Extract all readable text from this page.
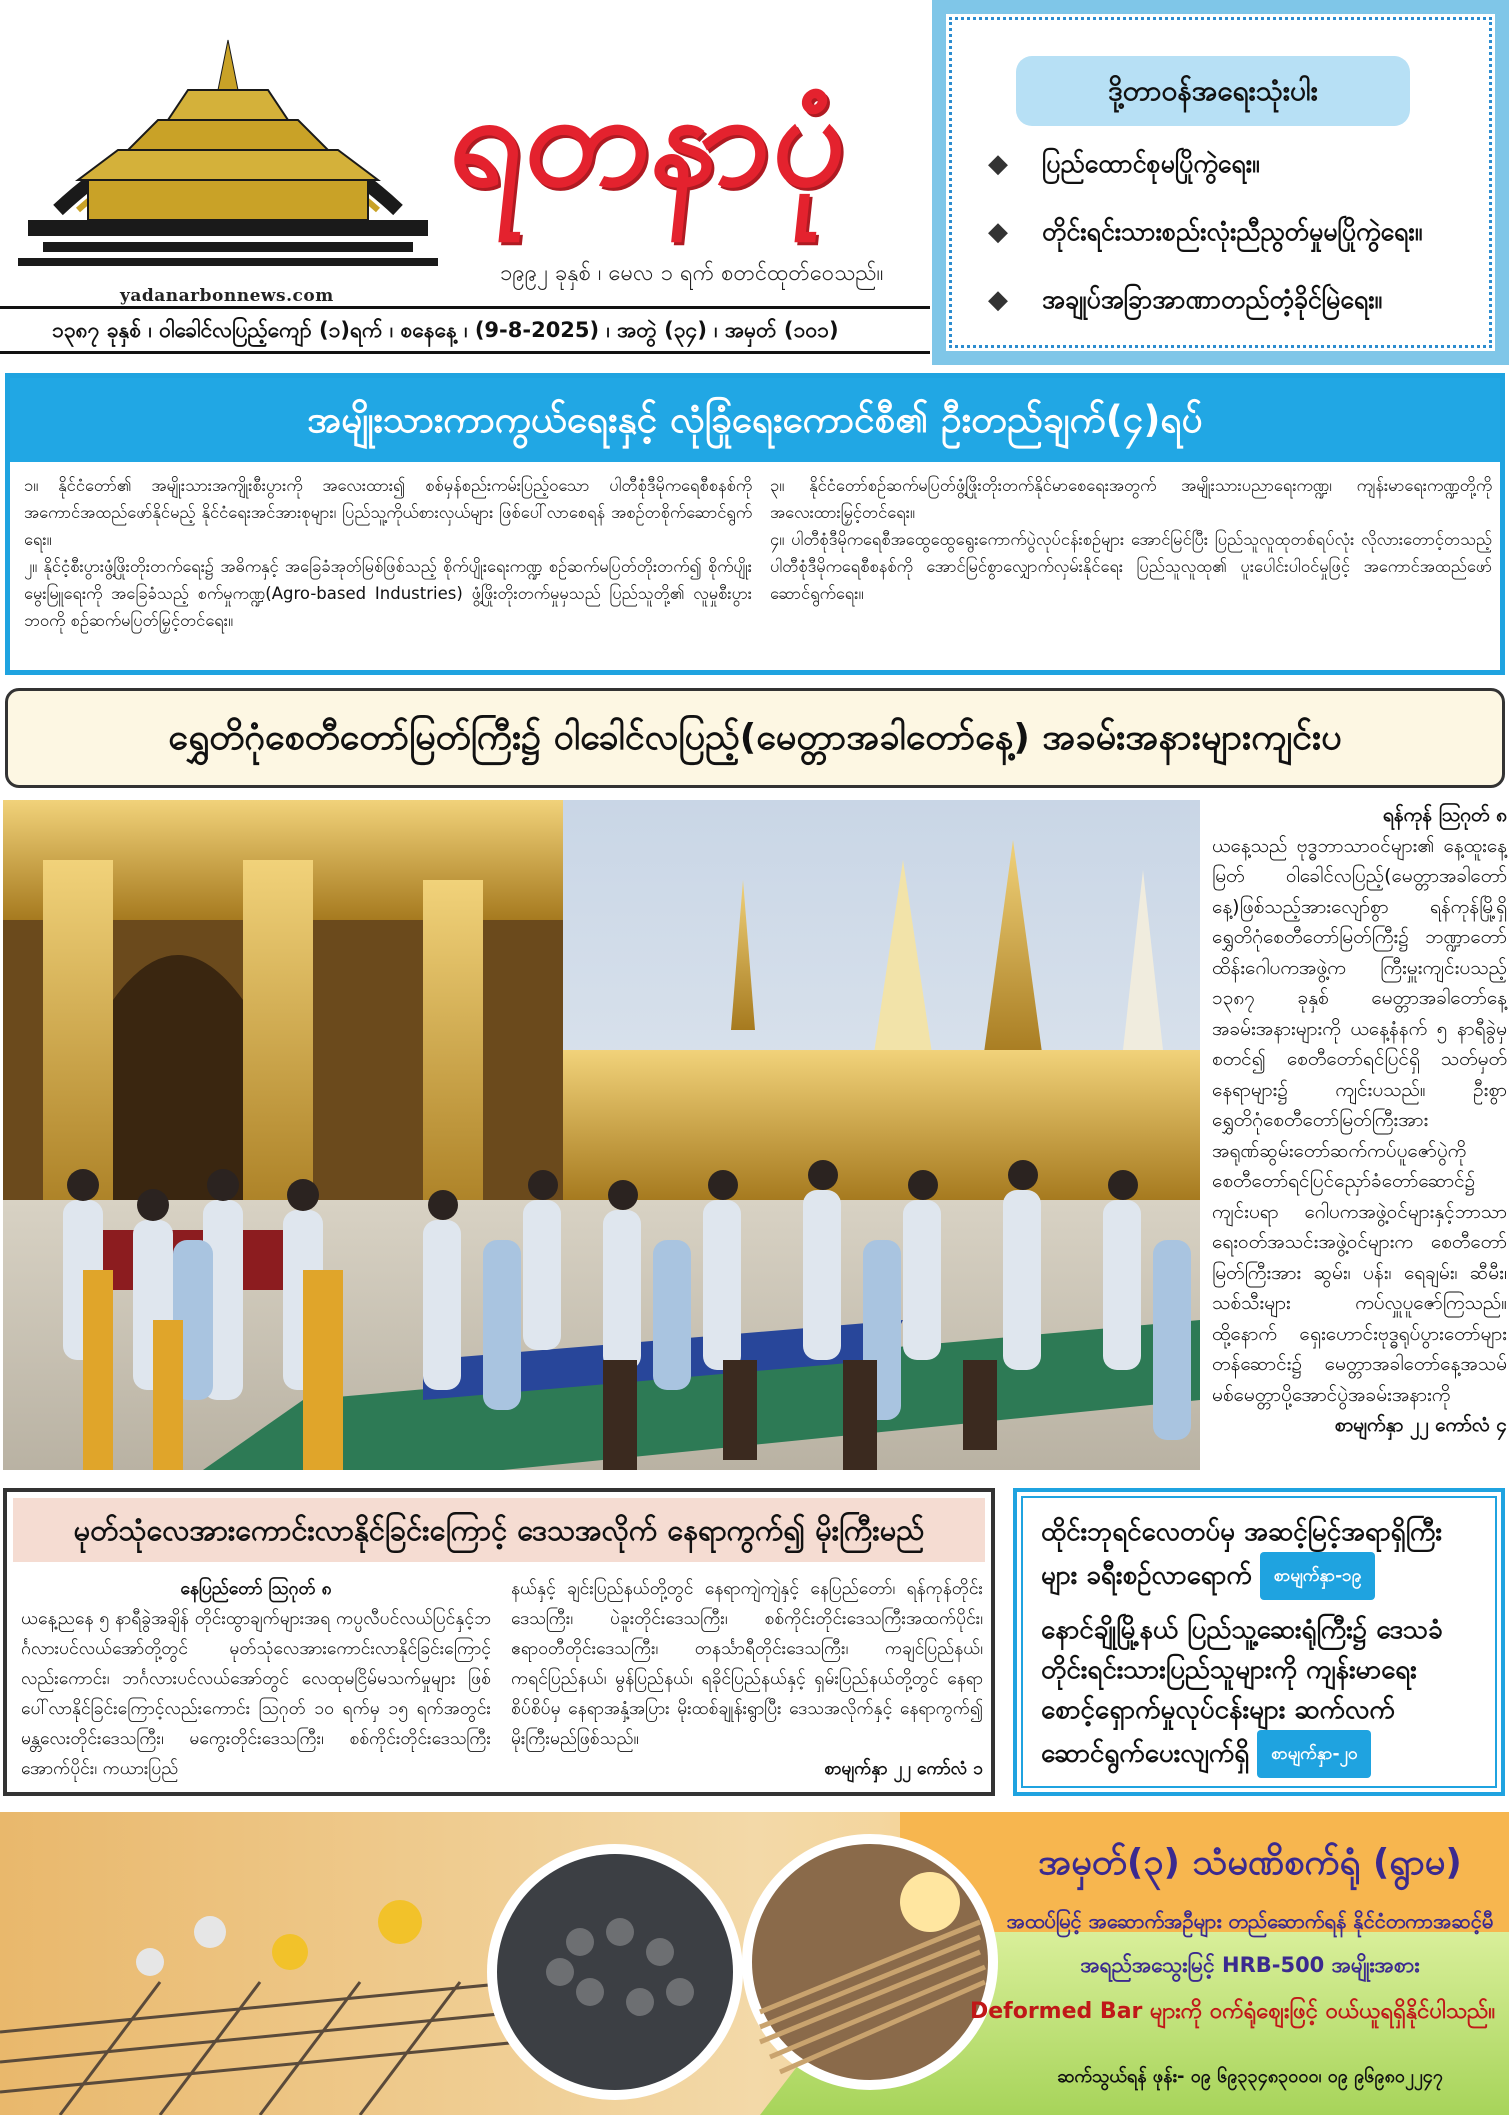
yadanarbonnews.com
ရတနာပုံ
၁၉၉၂ ခုနှစ် ၊ မေလ ၁ ရက် စတင်ထုတ်ဝေသည်။
၁၃၈၇ ခုနှစ် ၊ ဝါခေါင်လပြည့်ကျော် (၁)ရက် ၊ စနေနေ့ ၊ (9-8-2025) ၊ အတွဲ (၃၄) ၊ အမှတ် (၁၀၁)
ဒို့တာဝန်အရေးသုံးပါး
◆ ပြည်ထောင်စုမပြိုကွဲရေး။
◆ တိုင်းရင်းသားစည်းလုံးညီညွတ်မှုမပြိုကွဲရေး။
◆ အချုပ်အခြာအာဏာတည်တံ့ခိုင်မြဲရေး။
အမျိုးသားကာကွယ်ရေးနှင့် လုံခြုံရေးကောင်စီ၏ ဦးတည်ချက်(၄)ရပ်

၁။ နိုင်ငံတော်၏ အမျိုးသားအကျိုးစီးပွားကို အလေးထား၍ စစ်မှန်စည်းကမ်းပြည့်ဝသော ပါတီစုံဒီမိုကရေစီစနစ်ကို အကောင်အထည်ဖော်နိုင်မည့် နိုင်ငံရေးအင်အားစုများ၊ ပြည်သူ့ကိုယ်စားလှယ်များ ဖြစ်ပေါ်လာစေရန် အစဉ်တစိုက်ဆောင်ရွက်ရေး။

၂။ နိုင်ငံ့စီးပွားဖွံ့ဖြိုးတိုးတက်ရေး၌ အဓိကနှင့် အခြေခံအုတ်မြစ်ဖြစ်သည့် စိုက်ပျိုးရေးကဏ္ဍ စဉ်ဆက်မပြတ်တိုးတက်၍ စိုက်ပျိုးမွေးမြူရေးကို အခြေခံသည့် စက်မှုကဏ္ဍ(Agro-based Industries) ဖွံ့ဖြိုးတိုးတက်မှုမှသည် ပြည်သူတို့၏ လူမှုစီးပွားဘဝကို စဉ်ဆက်မပြတ်မြှင့်တင်ရေး။

၃။ နိုင်ငံတော်စဉ်ဆက်မပြတ်ဖွံ့ဖြိုးတိုးတက်နိုင်မာစေရေးအတွက် အမျိုးသားပညာရေးကဏ္ဍ၊ ကျန်းမာရေးကဏ္ဍတို့ကို အလေးထားမြှင့်တင်ရေး။

၄။ ပါတီစုံဒီမိုကရေစီအထွေထွေရွေးကောက်ပွဲလုပ်ငန်းစဉ်များ အောင်မြင်ပြီး ပြည်သူလူထုတစ်ရပ်လုံး လိုလားတောင့်တသည့် ပါတီစုံဒီမိုကရေစီစနစ်ကို အောင်မြင်စွာလျှောက်လှမ်းနိုင်ရေး ပြည်သူလူထု၏ ပူးပေါင်းပါဝင်မှုဖြင့် အကောင်အထည်ဖော်ဆောင်ရွက်ရေး။

ရွှေတိဂုံစေတီတော်မြတ်ကြီး၌ ဝါခေါင်လပြည့်(မေတ္တာအခါတော်နေ့) အခမ်းအနားများကျင်းပ

ရန်ကုန် ဩဂုတ် ၈

ယနေ့သည် ဗုဒ္ဓဘာသာဝင်များ၏ နေ့ထူးနေ့မြတ် ဝါခေါင်လပြည့်(မေတ္တာအခါတော်နေ့)ဖြစ်သည့်အားလျော်စွာ ရန်ကုန်မြို့ရှိ ရွှေတိဂုံစေတီတော်မြတ်ကြီး၌ ဘဏ္ဍာတော်ထိန်းဂေါပကအဖွဲ့က ကြီးမှူးကျင်းပသည့် ၁၃၈၇ ခုနှစ် မေတ္တာအခါတော်နေ့ အခမ်းအနားများကို ယနေ့နံနက် ၅ နာရီခွဲမှ စတင်၍ စေတီတော်ရင်ပြင်ရှိ သတ်မှတ်နေရာများ၌ ကျင်းပသည်။ ဦးစွာ ရွှေတိဂုံစေတီတော်မြတ်ကြီးအား အရုဏ်ဆွမ်းတော်ဆက်ကပ်ပူဇော်ပွဲကို စေတီတော်ရင်ပြင်ညှော်ခံတော်ဆောင်၌ ကျင်းပရာ ဂေါပကအဖွဲ့ဝင်များနှင့်ဘာသာရေးဝတ်အသင်းအဖွဲ့ဝင်များက စေတီတော်မြတ်ကြီးအား ဆွမ်း၊ ပန်း၊ ရေချမ်း၊ ဆီမီး၊ သစ်သီးများ ကပ်လှူပူဇော်ကြသည်။ ထို့နောက် ရှေးဟောင်းဗုဒ္ဓရုပ်ပွားတော်များတန်ဆောင်း၌ မေတ္တာအခါတော်နေ့အသမ်မစ်မေတ္တာပို့အောင်ပွဲအခမ်းအနားကို

စာမျက်နှာ ၂၂ ကော်လံ ၄

မုတ်သုံလေအားကောင်းလာနိုင်ခြင်းကြောင့် ဒေသအလိုက် နေရာကွက်၍ မိုးကြီးမည်

နေပြည်တော် ဩဂုတ် ၈

ယနေ့ညနေ ၅ နာရီခွဲအချိန် တိုင်းထွာချက်များအရ ကပ္ပလီပင်လယ်ပြင်နှင့်ဘင်္ဂလားပင်လယ်အော်တို့တွင် မုတ်သုံလေအားကောင်းလာနိုင်ခြင်းကြောင့်လည်းကောင်း၊ ဘင်္ဂလားပင်လယ်အော်တွင် လေထုမငြိမ်မသက်မှုများ ဖြစ်ပေါ်လာနိုင်ခြင်းကြောင့်လည်းကောင်း ဩဂုတ် ၁၀ ရက်မှ ၁၅ ရက်အတွင်း မန္တလေးတိုင်းဒေသကြီး၊ မကွေးတိုင်းဒေသကြီး၊ စစ်ကိုင်းတိုင်းဒေသကြီးအောက်ပိုင်း၊ ကယားပြည်

နယ်နှင့် ချင်းပြည်နယ်တို့တွင် နေရာကျဲကျဲနှင့် နေပြည်တော်၊ ရန်ကုန်တိုင်းဒေသကြီး၊ ပဲခူးတိုင်းဒေသကြီး၊ စစ်ကိုင်းတိုင်းဒေသကြီးအထက်ပိုင်း၊ ဧရာဝတီတိုင်းဒေသကြီး၊ တနင်္သာရီတိုင်းဒေသကြီး၊ ကချင်ပြည်နယ်၊ ကရင်ပြည်နယ်၊ မွန်ပြည်နယ်၊ ရခိုင်ပြည်နယ်နှင့် ရှမ်းပြည်နယ်တို့တွင် နေရာစိပ်စိပ်မှ နေရာအနှံ့အပြား မိုးထစ်ချုန်းရွာပြီး ဒေသအလိုက်နှင့် နေရာကွက်၍ မိုးကြီးမည်ဖြစ်သည်။

စာမျက်နှာ ၂၂ ကော်လံ ၁

ထိုင်းဘုရင်လေတပ်မှ အဆင့်မြင့်အရာရှိကြီးများ ခရီးစဉ်လာရောက် စာမျက်နှာ-၁၉
နောင်ချိုမြို့နယ် ပြည်သူ့ဆေးရုံကြီး၌ ဒေသခံတိုင်းရင်းသားပြည်သူများကို ကျန်းမာရေးစောင့်ရှောက်မှုလုပ်ငန်းများ ဆက်လက်ဆောင်ရွက်ပေးလျက်ရှိ စာမျက်နှာ-၂၀
အမှတ်(၃) သံမဏိစက်ရုံ (ရွာမ)
အထပ်မြင့် အဆောက်အဦများ တည်ဆောက်ရန် နိုင်ငံတကာအဆင့်မီ
အရည်အသွေးမြင့် HRB-500 အမျိုးအစား
Deformed Bar များကို ဝက်ရုံဈေးဖြင့် ဝယ်ယူရရှိနိုင်ပါသည်။
ဆက်သွယ်ရန် ဖုန်း- ၀၉ ၆၉၃၃၄၈၃၀၀၀၊ ၀၉ ၉၆၉၈၀၂၂၄၇
